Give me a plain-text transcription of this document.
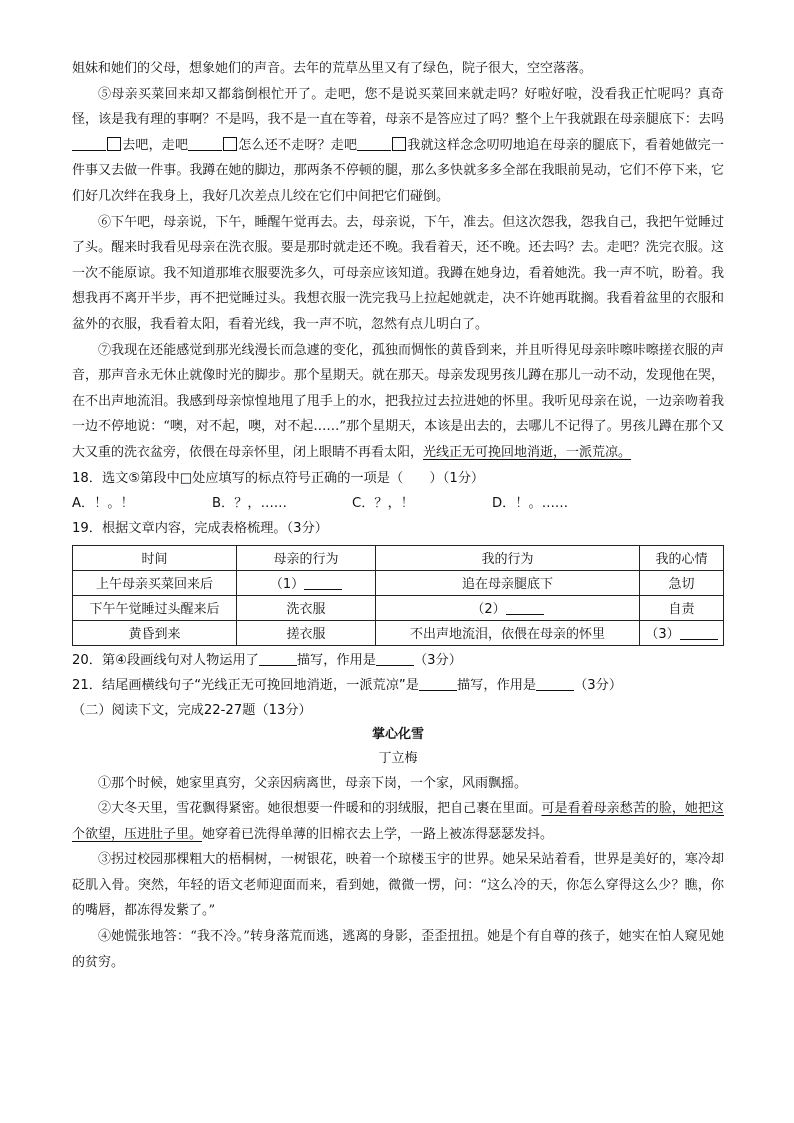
姐妹和她们的父母，想象她们的声音。去年的荒草丛里又有了绿色，院子很大，空空落落。

⑤母亲买菜回来却又都翁倒根忙开了。走吧，您不是说买菜回来就走吗？好啦好啦，没看我正忙呢吗？真奇怪，该是我有理的事啊？不是吗，我不是一直在等着，母亲不是答应过了吗？整个上午我就跟在母亲腿底下：去吗去吧，走吧	怎么还不走呀？走吧	我就这样念念叨叨地追在母亲的腿底下，看着她做完一件事又去做一件事。我蹲在她的脚边，那两条不停顿的腿，那么多快就多多全部在我眼前晃动，它们不停下来，它们好几次绊在我身上，我好几次差点儿绞在它们中间把它们碰倒。

⑥下午吧，母亲说，下午，睡醒午觉再去。去，母亲说，下午，准去。但这次怨我，怨我自己，我把午觉睡过了头。醒来时我看见母亲在洗衣服。要是那时就走还不晚。我看着天，还不晚。还去吗？去。走吧？洗完衣服。这一次不能原谅。我不知道那堆衣服要洗多久，可母亲应该知道。我蹲在她身边，看着她洗。我一声不吭，盼着。我想我再不离开半步，再不把觉睡过头。我想衣服一洗完我马上拉起她就走，决不许她再耽搁。我看着盆里的衣服和盆外的衣服，我看着太阳，看着光线，我一声不吭，忽然有点儿明白了。

⑦我现在还能感觉到那光线漫长而急遽的变化，孤独而惆怅的黄昏到来，并且听得见母亲咔嚓咔嚓搓衣服的声音，那声音永无休止就像时光的脚步。那个星期天。就在那天。母亲发现男孩儿蹲在那儿一动不动，发现他在哭，在不出声地流泪。我感到母亲惊惶地甩了甩手上的水，把我拉过去拉进她的怀里。我听见母亲在说，一边亲吻着我一边不停地说：“噢，对不起，噢，对不起……”那个星期天，本该是出去的，去哪儿不记得了。男孩儿蹲在那个又大又重的洗衣盆旁，依偎在母亲怀里，闭上眼睛不再看太阳，光线正无可挽回地消逝，一派荒凉。

18．选文⑤第段中□处应填写的标点符号正确的一项是（　　）（1分）

A．！。！	B．？，……	C．？，！	D．！。……

19．根据文章内容，完成表格梳理。（3分）

时间	母亲的行为	我的行为	我的心情
上午母亲买菜回来后	（1）	追在母亲腿底下	急切
下午午觉睡过头醒来后	洗衣服	（2）	自责
黄昏到来	搓衣服	不出声地流泪，依偎在母亲的怀里	（3）

20．第④段画线句对人物运用了	描写，作用是	（3分）

21．结尾画横线句子“光线正无可挽回地消逝，一派荒凉”是	描写，作用是	（3分）

（二）阅读下文，完成22-27题（13分）

掌心化雪

丁立梅

①那个时候，她家里真穷，父亲因病离世，母亲下岗，一个家，风雨飘摇。

②大冬天里，雪花飘得紧密。她很想要一件暖和的羽绒服，把自己裹在里面。可是看着母亲愁苦的脸，她把这个欲望，压进肚子里。她穿着已洗得单薄的旧棉衣去上学，一路上被冻得瑟瑟发抖。

③拐过校园那棵粗大的梧桐树，一树银花，映着一个琼楼玉宇的世界。她呆呆站着看，世界是美好的，寒冷却砭肌入骨。突然，年轻的语文老师迎面而来，看到她，微微一愣，问：“这么冷的天，你怎么穿得这么少？瞧，你的嘴唇，都冻得发紫了。”

④她慌张地答：“我不冷。”转身落荒而逃，逃离的身影，歪歪扭扭。她是个有自尊的孩子，她实在怕人窥见她的贫穷。
